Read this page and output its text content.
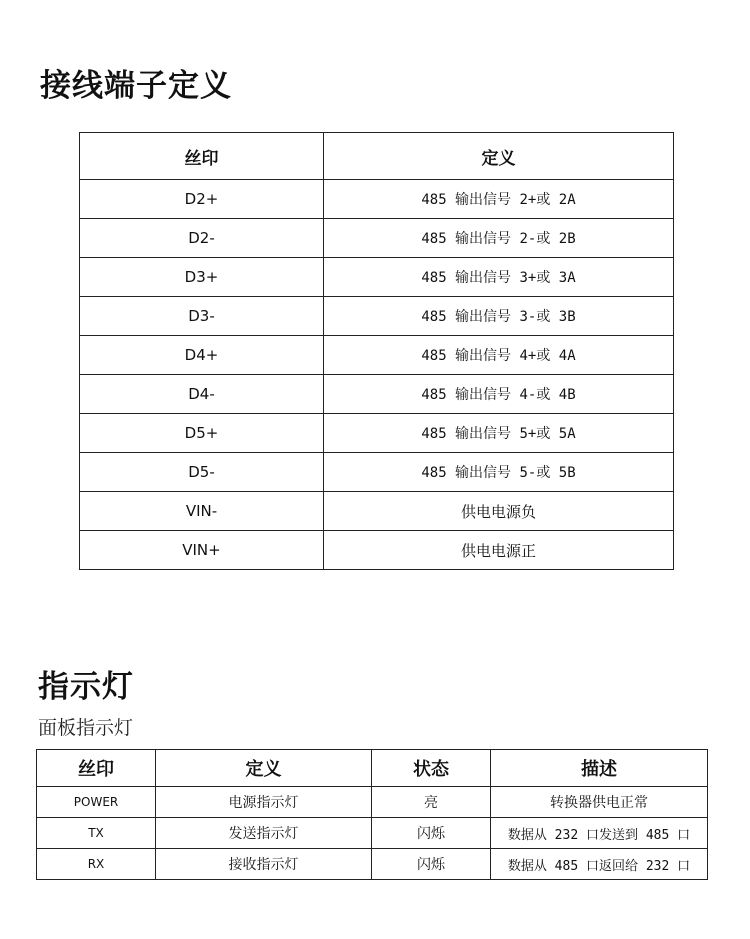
接线端子定义
丝印	定义
D2+	485 输出信号 2+或 2A
D2-	485 输出信号 2-或 2B
D3+	485 输出信号 3+或 3A
D3-	485 输出信号 3-或 3B
D4+	485 输出信号 4+或 4A
D4-	485 输出信号 4-或 4B
D5+	485 输出信号 5+或 5A
D5-	485 输出信号 5-或 5B
VIN-	供电电源负
VIN+	供电电源正
指示灯

面板指示灯

丝印	定义	状态	描述
POWER	电源指示灯	亮	转换器供电正常
TX	发送指示灯	闪烁	数据从 232 口发送到 485 口
RX	接收指示灯	闪烁	数据从 485 口返回给 232 口
